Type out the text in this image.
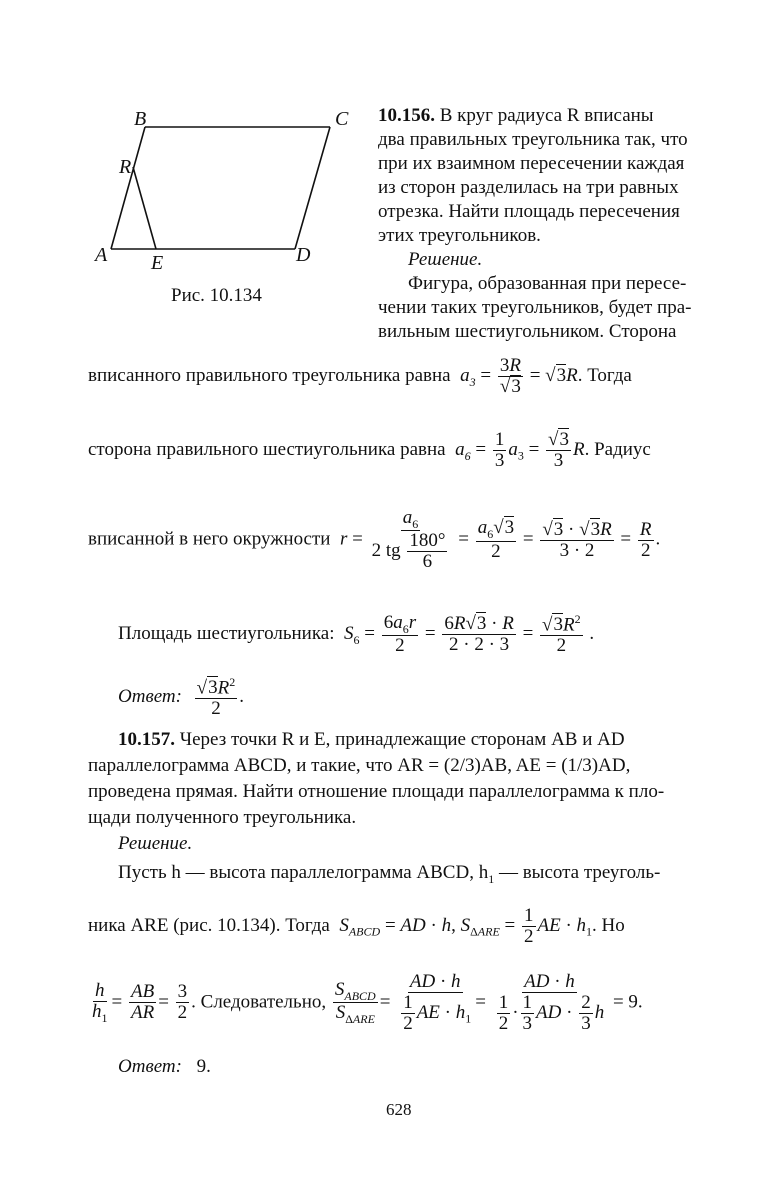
B	C
R
A E	D
Рис. 10.134
10.156. В круг радиуса R вписаны
два правильных треугольника так, что
при их взаимном пересечении каждая
из сторон разделилась на три равных
отрезка. Найти площадь пересечения
этих треугольников.
Решение.
Фигура, образованная при пересе-
чении таких треугольников, будет пра-
вильным шестиугольником. Сторона
вписанного правильного треугольника равна  $a_3 = \frac{3R}{√3} = √3R$. Тогда
сторона правильного шестиугольника равна  $a_6 = \frac{1}{3} a_3 = \frac{√3}{3} R$. Радиус
вписанной в него окружности  $r = \frac{a_6}{2 tg \frac{180^\circ}{6}} = \frac{a_6√3}{2} = \frac{√3 \cdot √3R}{3 \cdot 2} = \frac{R}{2}$ .
Площадь шестиугольника:  $S_6 = \frac{6a_6r}{2} = \frac{6R√3 \cdot R}{2 \cdot 2 \cdot 3} = \frac{√3R^2}{2}$ .
Ответ: $\frac{√3R^2}{2}$ .
10.157. Через точки R и E, принадлежащие сторонам AB и AD
параллелограмма ABCD, и такие, что AR = (2/3)AB, AE = (1/3)AD,
проведена прямая. Найти отношение площади параллелограмма к пло-
щади полученного треугольника.
Решение.
Пусть h — высота параллелограмма ABCD, $h_1$ — высота треуголь-
ника ARE (рис. 10.134). Тогда  $S_{ABCD}$ = AD · h, $S_{\Delta ARE} = \frac{1}{2}$ AE · $h_1$. Но
$\frac{h}{h_1} = \frac{AB}{AR} = \frac{3}{2}$ . Следовательно, $\frac{S_{ABCD}}{S_{\Delta ARE}} = \frac{AD \cdot h}{\frac{1}{2} AE \cdot h_1} = \frac{AD \cdot h}{\frac{1}{2} \cdot \frac{1}{3} AD \cdot \frac{2}{3} h} = 9$.
Ответ: 9.
628
